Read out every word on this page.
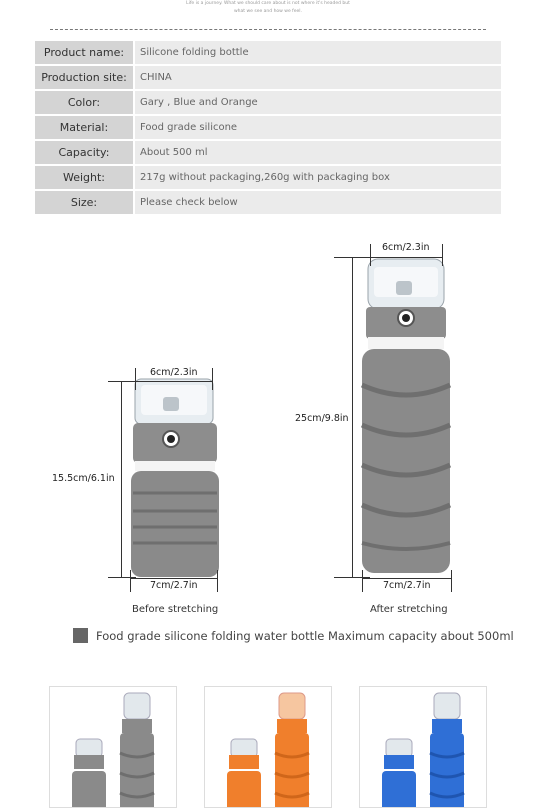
Life is a journey. What we should care about is not where it's headed but
what we see and how we feel.
Product name:	Silicone folding bottle
Production site:	CHINA
Color:	Gary , Blue and Orange
Material:	Food grade silicone
Capacity:	About 500 ml
Weight:	217g without packaging,260g with packaging box
Size:	Please check below
6cm/2.3in
15.5cm/6.1in
7cm/2.7in
Before stretching
6cm/2.3in
25cm/9.8in
7cm/2.7in
After stretching
Food grade silicone folding water bottle Maximum capacity about 500ml
